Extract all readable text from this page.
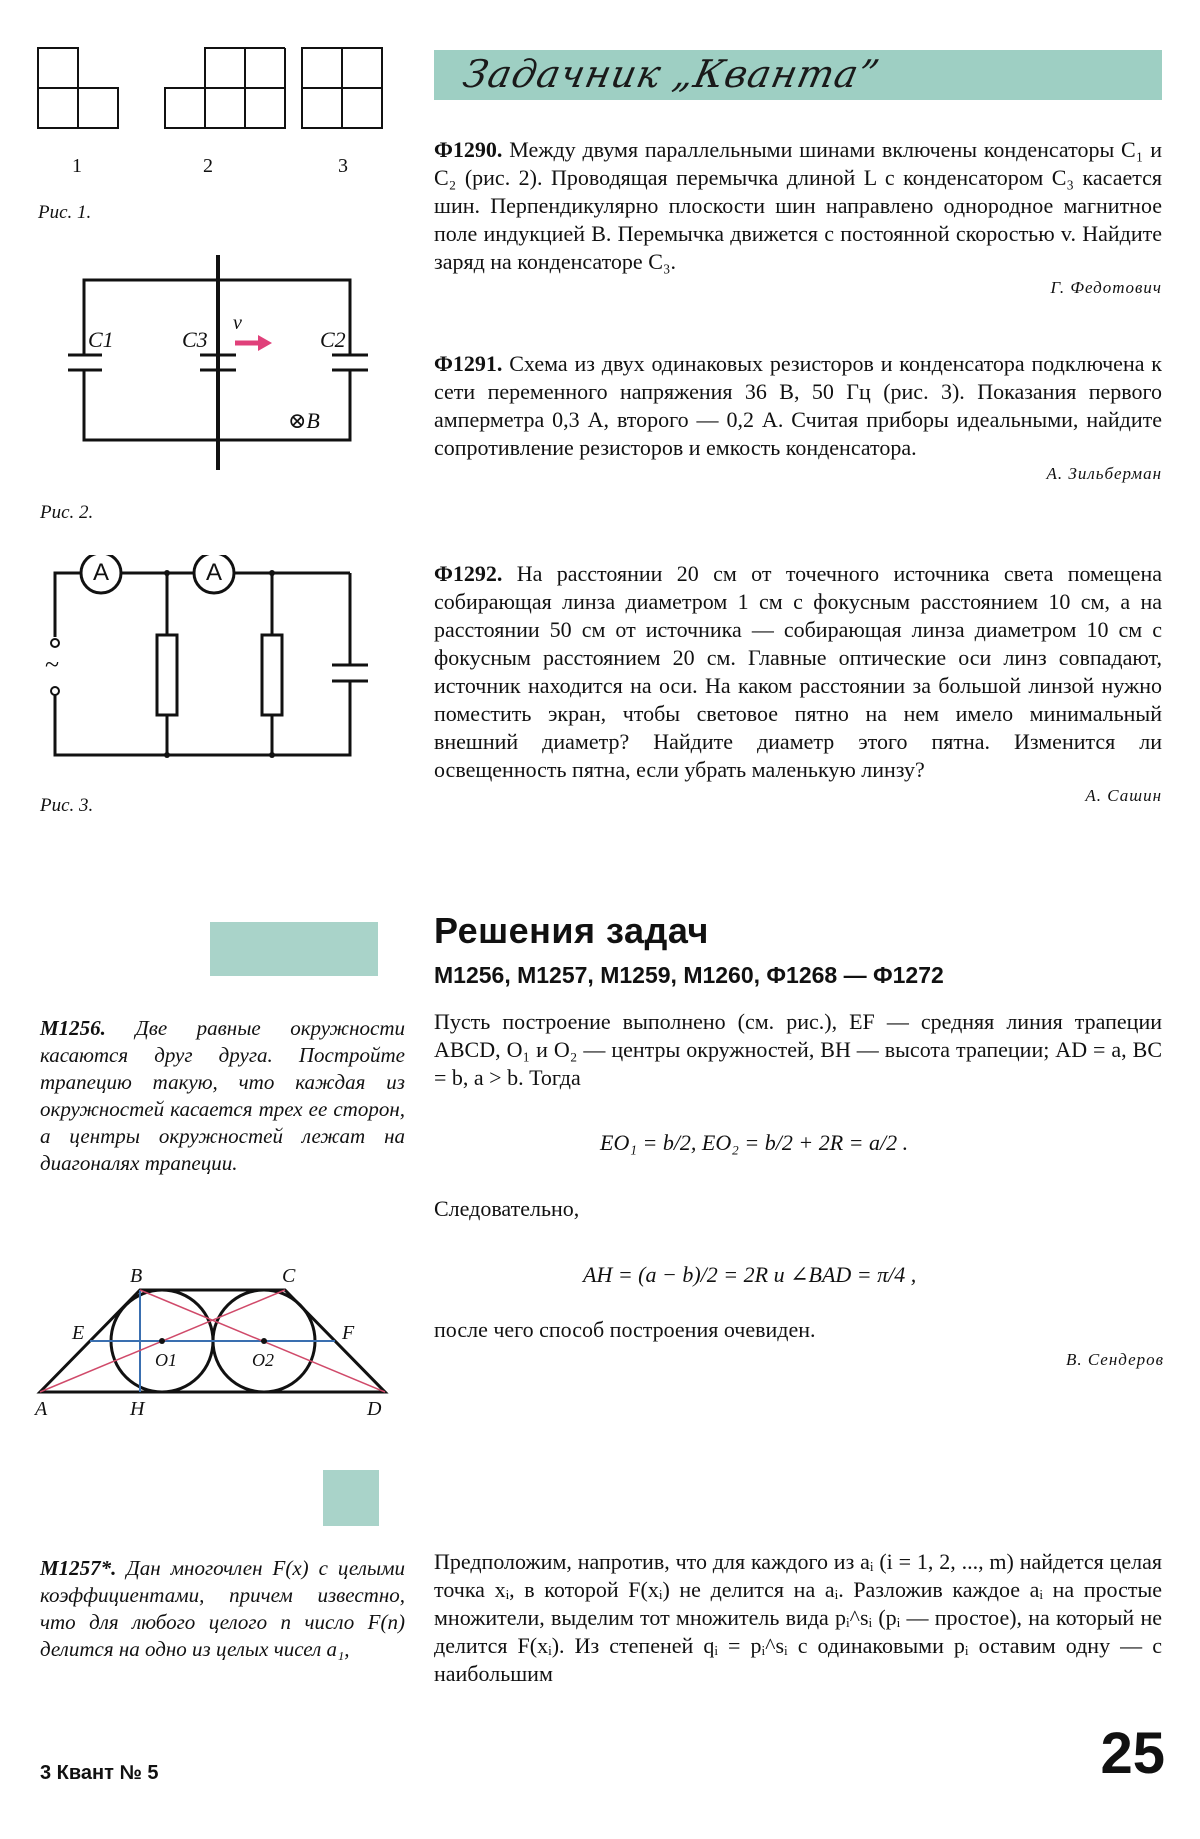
1	2	3
Рис. 1.
C1	C3
v
C2
⊗B
Рис. 2.
A	A
~
Рис. 3.
Задачник „Кванта”

Ф1290. Между двумя параллельными шинами включены конденсаторы C₁ и C₂ (рис. 2). Проводящая перемычка длиной L с конденсатором C₃ касается шин. Перпендикулярно плоскости шин направлено однородное магнитное поле индукцией B. Перемычка движется с постоянной скоростью v. Найдите заряд на конденсаторе C₃.

Г. Федотович

Ф1291. Схема из двух одинаковых резисторов и конденсатора подключена к сети переменного напряжения 36 В, 50 Гц (рис. 3). Показания первого амперметра 0,3 А, второго — 0,2 А. Считая приборы идеальными, найдите сопротивление резисторов и емкость конденсатора.

А. Зильберман

Ф1292. На расстоянии 20 см от точечного источника света помещена собирающая линза диаметром 1 см с фокусным расстоянием 10 см, а на расстоянии 50 см от источника — собирающая линза диаметром 10 см с фокусным расстоянием 20 см. Главные оптические оси линз совпадают, источник находится на оси. На каком расстоянии за большой линзой нужно поместить экран, чтобы световое пятно на нем имело минимальный внешний диаметр? Найдите диаметр этого пятна. Изменится ли освещенность пятна, если убрать маленькую линзу?

А. Сашин
Решения задач
М1256, М1257, М1259, М1260, Ф1268 — Ф1272
М1256. Две равные окружности касаются друг друга. Постройте трапецию такую, что каждая из окружностей касается трех ее сторон, а центры окружностей лежат на диагоналях трапеции.
Пусть построение выполнено (см. рис.), EF — средняя линия трапеции ABCD, O₁ и O₂ — центры окружностей, BH — высота трапеции; AD = a, BC = b, a > b. Тогда
EO₁ = b/2, EO₂ = b/2 + 2R = a/2 .
Следовательно,
AH = (a − b)/2 = 2R и ∠BAD = π/4 ,
после чего способ построения очевиден.
В. Сендеров
B	C
E	F
O1	O2
A	H	D
М1257*. Дан многочлен F(x) с целыми коэффициентами, причем известно, что для любого целого n число F(n) делится на одно из целых чисел a₁,
Предположим, напротив, что для каждого из aᵢ (i = 1, 2, ..., m) найдется целая точка xᵢ, в которой F(xᵢ) не делится на aᵢ. Разложив каждое aᵢ на простые множители, выделим тот множитель вида pᵢ^sᵢ (pᵢ — простое), на который не делится F(xᵢ). Из степеней qᵢ = pᵢ^sᵢ с одинаковыми pᵢ оставим одну — с наибольшим
3 Квант № 5	25
